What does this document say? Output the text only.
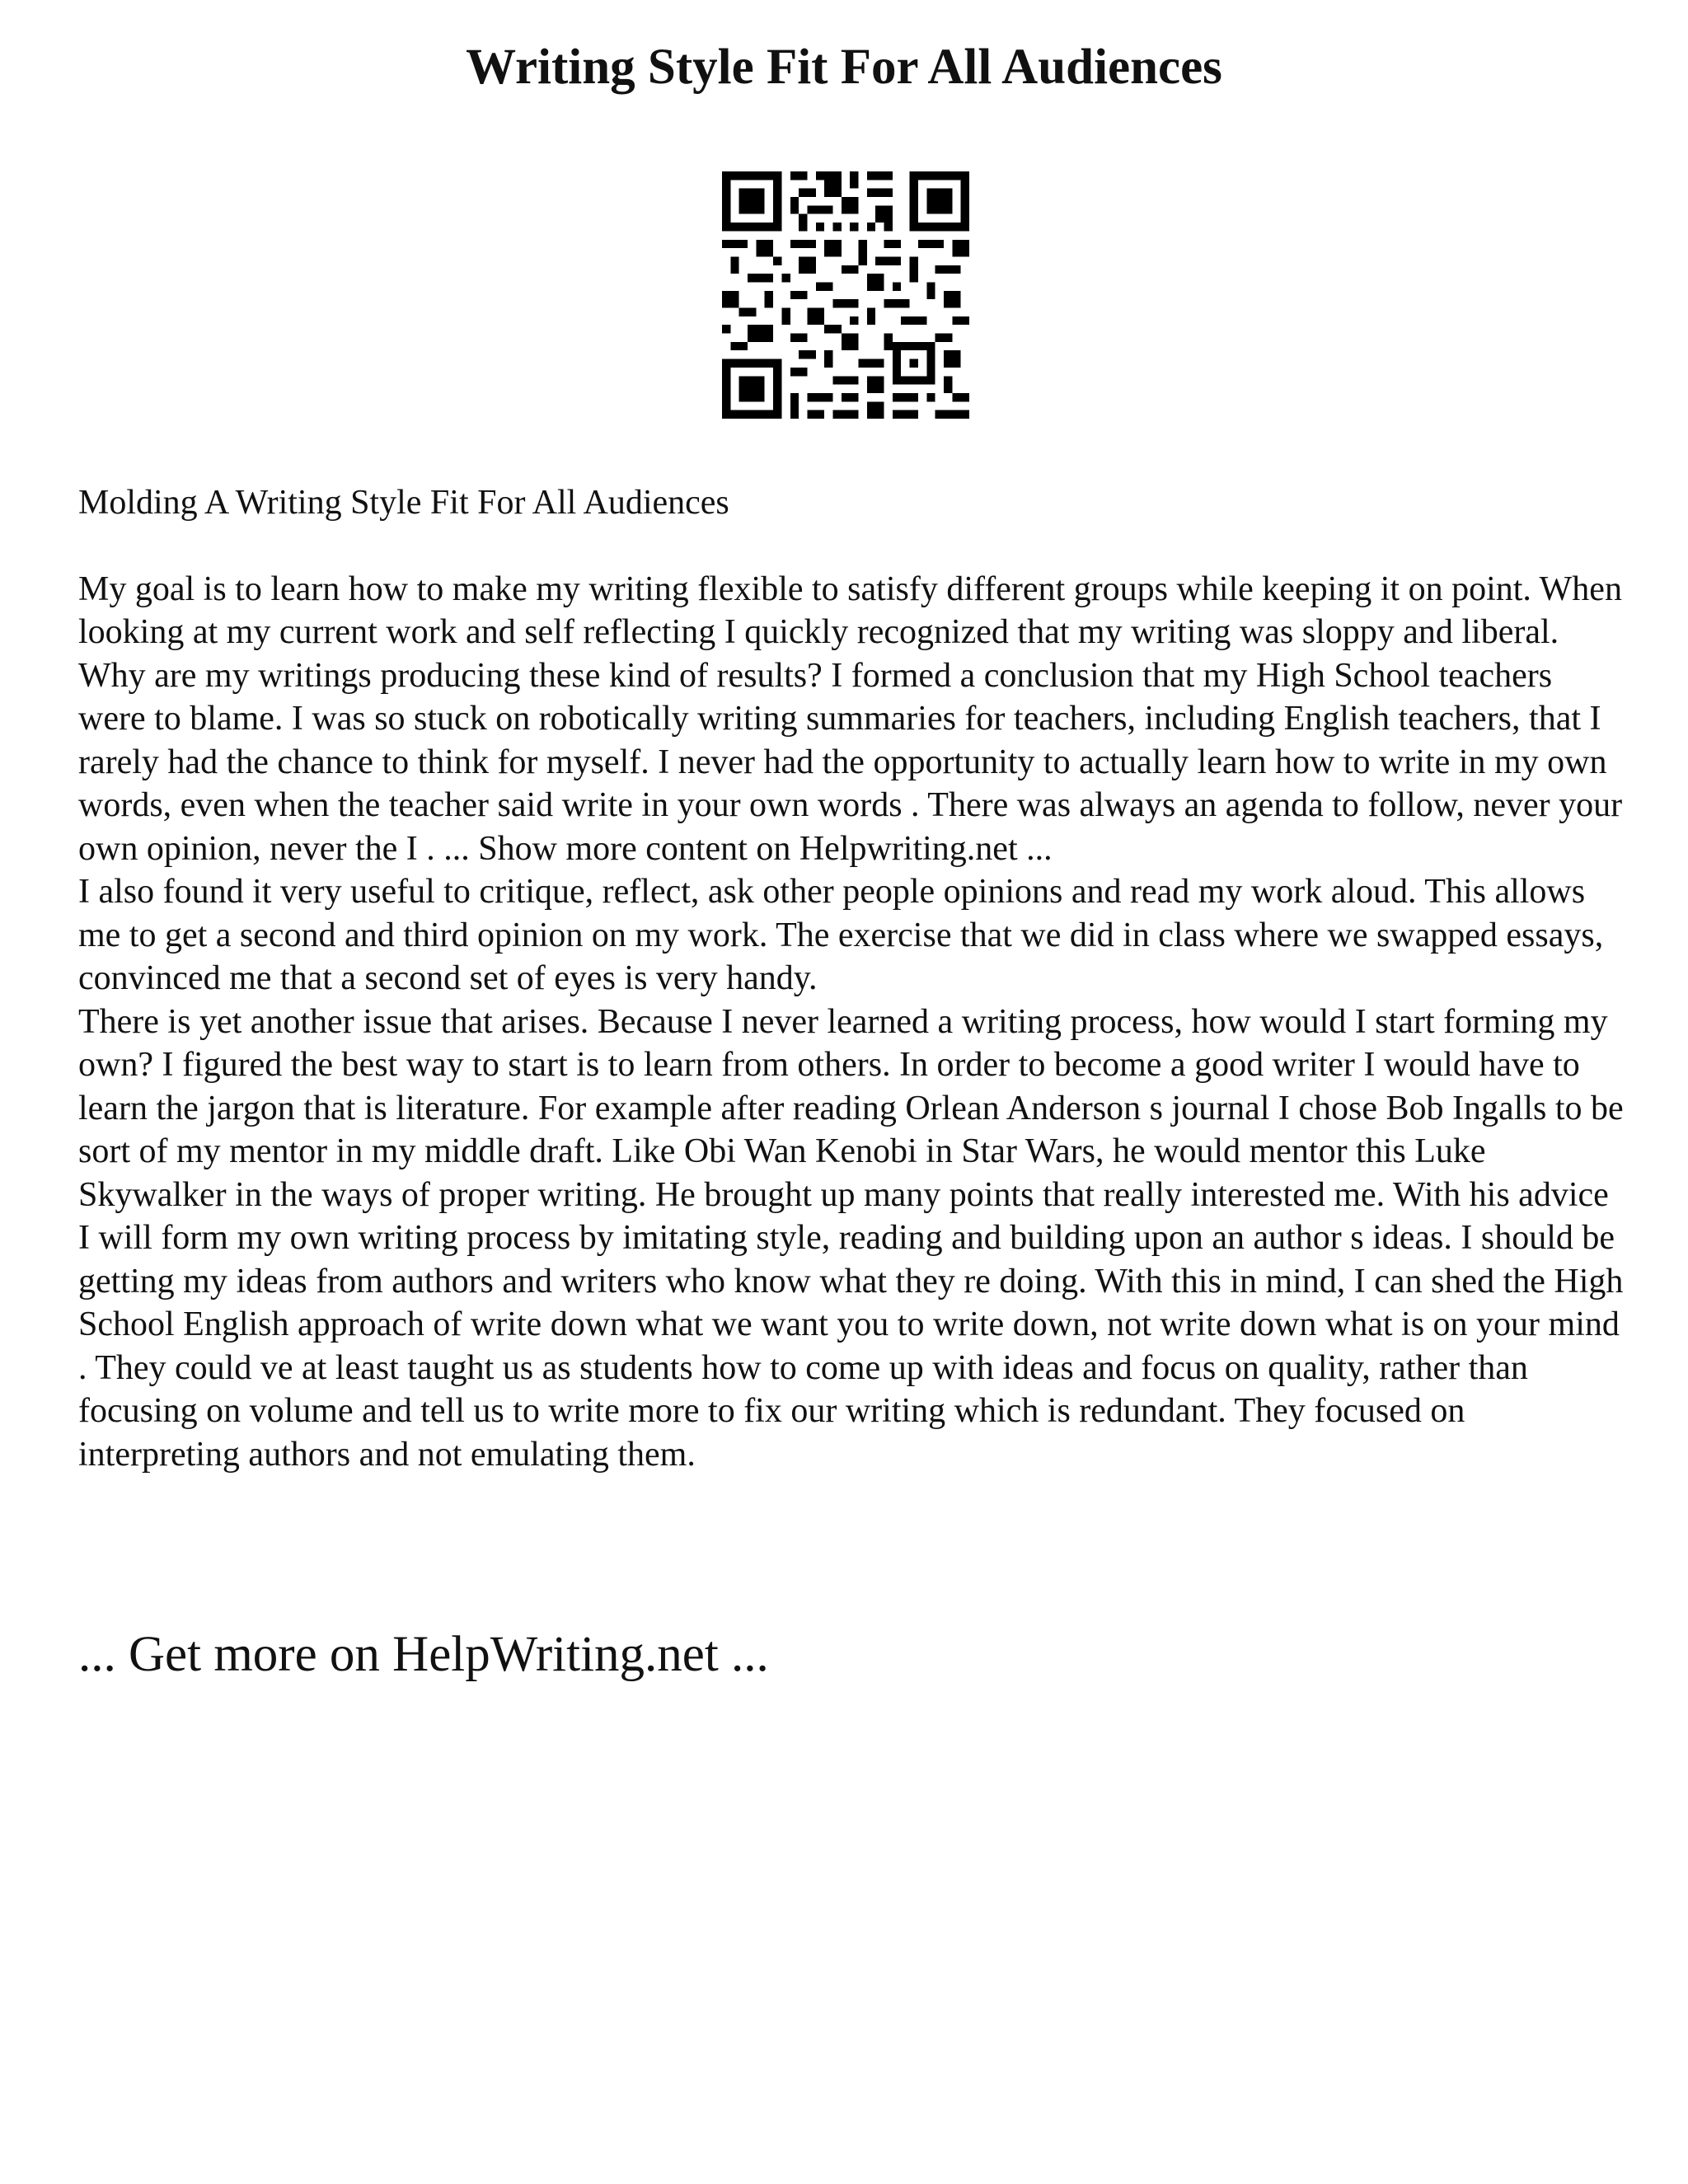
Writing Style Fit For All Audiences

Molding A Writing Style Fit For All Audiences

My goal is to learn how to make my writing flexible to satisfy different groups while keeping it on point. When looking at my current work and self reflecting I quickly recognized that my writing was sloppy and liberal. Why are my writings producing these kind of results? I formed a conclusion that my High School teachers were to blame. I was so stuck on robotically writing summaries for teachers, including English teachers, that I rarely had the chance to think for myself. I never had the opportunity to actually learn how to write in my own words, even when the teacher said write in your own words . There was always an agenda to follow, never your own opinion, never the I . ... Show more content on Helpwriting.net ...

I also found it very useful to critique, reflect, ask other people opinions and read my work aloud. This allows me to get a second and third opinion on my work. The exercise that we did in class where we swapped essays, convinced me that a second set of eyes is very handy.

There is yet another issue that arises. Because I never learned a writing process, how would I start forming my own? I figured the best way to start is to learn from others. In order to become a good writer I would have to learn the jargon that is literature. For example after reading Orlean Anderson s journal I chose Bob Ingalls to be sort of my mentor in my middle draft. Like Obi Wan Kenobi in Star Wars, he would mentor this Luke Skywalker in the ways of proper writing. He brought up many points that really interested me. With his advice I will form my own writing process by imitating style, reading and building upon an author s ideas. I should be getting my ideas from authors and writers who know what they re doing. With this in mind, I can shed the High School English approach of write down what we want you to write down, not write down what is on your mind . They could ve at least taught us as students how to come up with ideas and focus on quality, rather than focusing on volume and tell us to write more to fix our writing which is redundant. They focused on interpreting authors and not emulating them.

... Get more on HelpWriting.net ...
